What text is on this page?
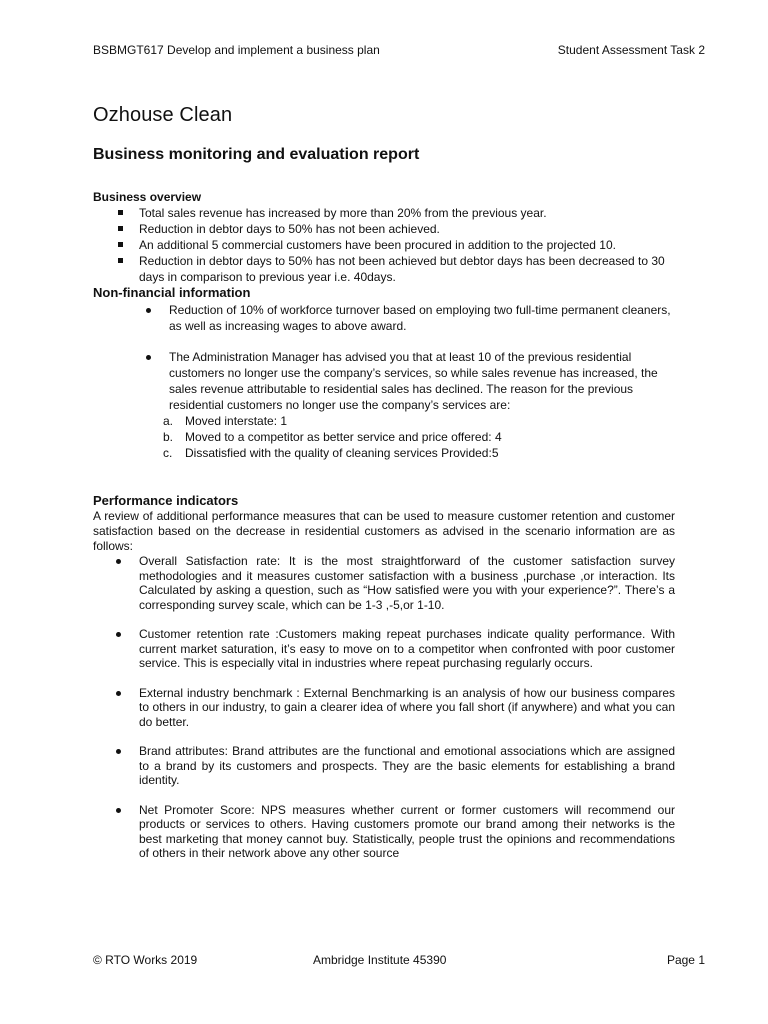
BSBMGT617 Develop and implement a business plan	Student Assessment Task 2
Ozhouse Clean
Business monitoring and evaluation report
Business overview
Total sales revenue has increased by more than 20% from the previous year.
Reduction in debtor days to 50% has not been achieved.
An additional 5 commercial customers have been procured in addition to the projected 10.
Reduction in debtor days to 50% has not been achieved but debtor days has been decreased to 30 days in comparison to previous year i.e. 40days.
Non-financial information
Reduction of 10% of workforce turnover based on employing two full-time permanent cleaners, as well as increasing wages to above award.
The Administration Manager has advised you that at least 10 of the previous residential customers no longer use the company’s services, so while sales revenue has increased, the sales revenue attributable to residential sales has declined. The reason for the previous residential customers no longer use the company’s services are:
a. Moved interstate: 1
b. Moved to a competitor as better service and price offered: 4
c. Dissatisfied with the quality of cleaning services Provided:5
Performance indicators

A review of additional performance measures that can be used to measure customer retention and customer satisfaction based on the decrease in residential customers as advised in the scenario information are as follows:

Overall Satisfaction rate: It is the most straightforward of the customer satisfaction survey methodologies and it measures customer satisfaction with a business ,purchase ,or interaction. Its Calculated by asking a question, such as “How satisfied were you with your experience?”. There’s a corresponding survey scale, which can be 1-3 ,-5,or 1-10.
Customer retention rate :Customers making repeat purchases indicate quality performance. With current market saturation, it’s easy to move on to a competitor when confronted with poor customer service. This is especially vital in industries where repeat purchasing regularly occurs.
External industry benchmark : External Benchmarking is an analysis of how our business compares to others in our industry, to gain a clearer idea of where you fall short (if anywhere) and what you can do better.
Brand attributes: Brand attributes are the functional and emotional associations which are assigned to a brand by its customers and prospects. They are the basic elements for establishing a brand identity.
Net Promoter Score: NPS measures whether current or former customers will recommend our products or services to others. Having customers promote our brand among their networks is the best marketing that money cannot buy. Statistically, people trust the opinions and recommendations of others in their network above any other source
© RTO Works 2019	Ambridge Institute 45390	Page 1
